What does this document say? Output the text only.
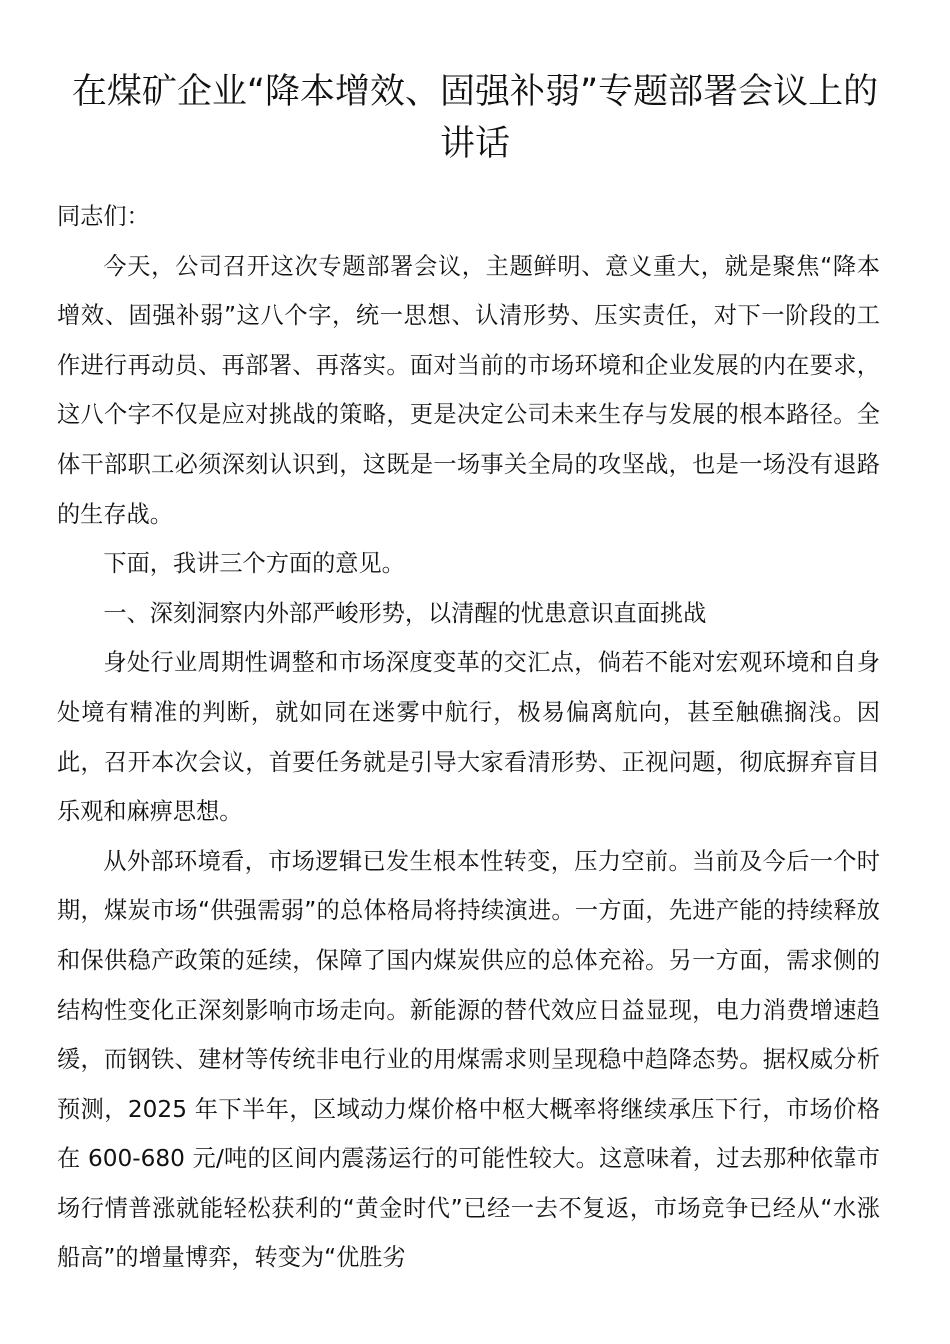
在煤矿企业“降本增效、固强补弱”专题部署会议上的讲话

同志们：

今天，公司召开这次专题部署会议，主题鲜明、意义重大，就是聚焦“降本增效、固强补弱”这八个字，统一思想、认清形势、压实责任，对下一阶段的工作进行再动员、再部署、再落实。面对当前的市场环境和企业发展的内在要求，这八个字不仅是应对挑战的策略，更是决定公司未来生存与发展的根本路径。全体干部职工必须深刻认识到，这既是一场事关全局的攻坚战，也是一场没有退路的生存战。

下面，我讲三个方面的意见。

一、深刻洞察内外部严峻形势，以清醒的忧患意识直面挑战

身处行业周期性调整和市场深度变革的交汇点，倘若不能对宏观环境和自身处境有精准的判断，就如同在迷雾中航行，极易偏离航向，甚至触礁搁浅。因此，召开本次会议，首要任务就是引导大家看清形势、正视问题，彻底摒弃盲目乐观和麻痹思想。

从外部环境看，市场逻辑已发生根本性转变，压力空前。当前及今后一个时期，煤炭市场“供强需弱”的总体格局将持续演进。一方面，先进产能的持续释放和保供稳产政策的延续，保障了国内煤炭供应的总体充裕。另一方面，需求侧的结构性变化正深刻影响市场走向。新能源的替代效应日益显现，电力消费增速趋缓，而钢铁、建材等传统非电行业的用煤需求则呈现稳中趋降态势。据权威分析预测，2025 年下半年，区域动力煤价格中枢大概率将继续承压下行，市场价格在 600-680 元/吨的区间内震荡运行的可能性较大。这意味着，过去那种依靠市场行情普涨就能轻松获利的“黄金时代”已经一去不复返，市场竞争已经从“水涨船高”的增量博弈，转变为“优胜劣
